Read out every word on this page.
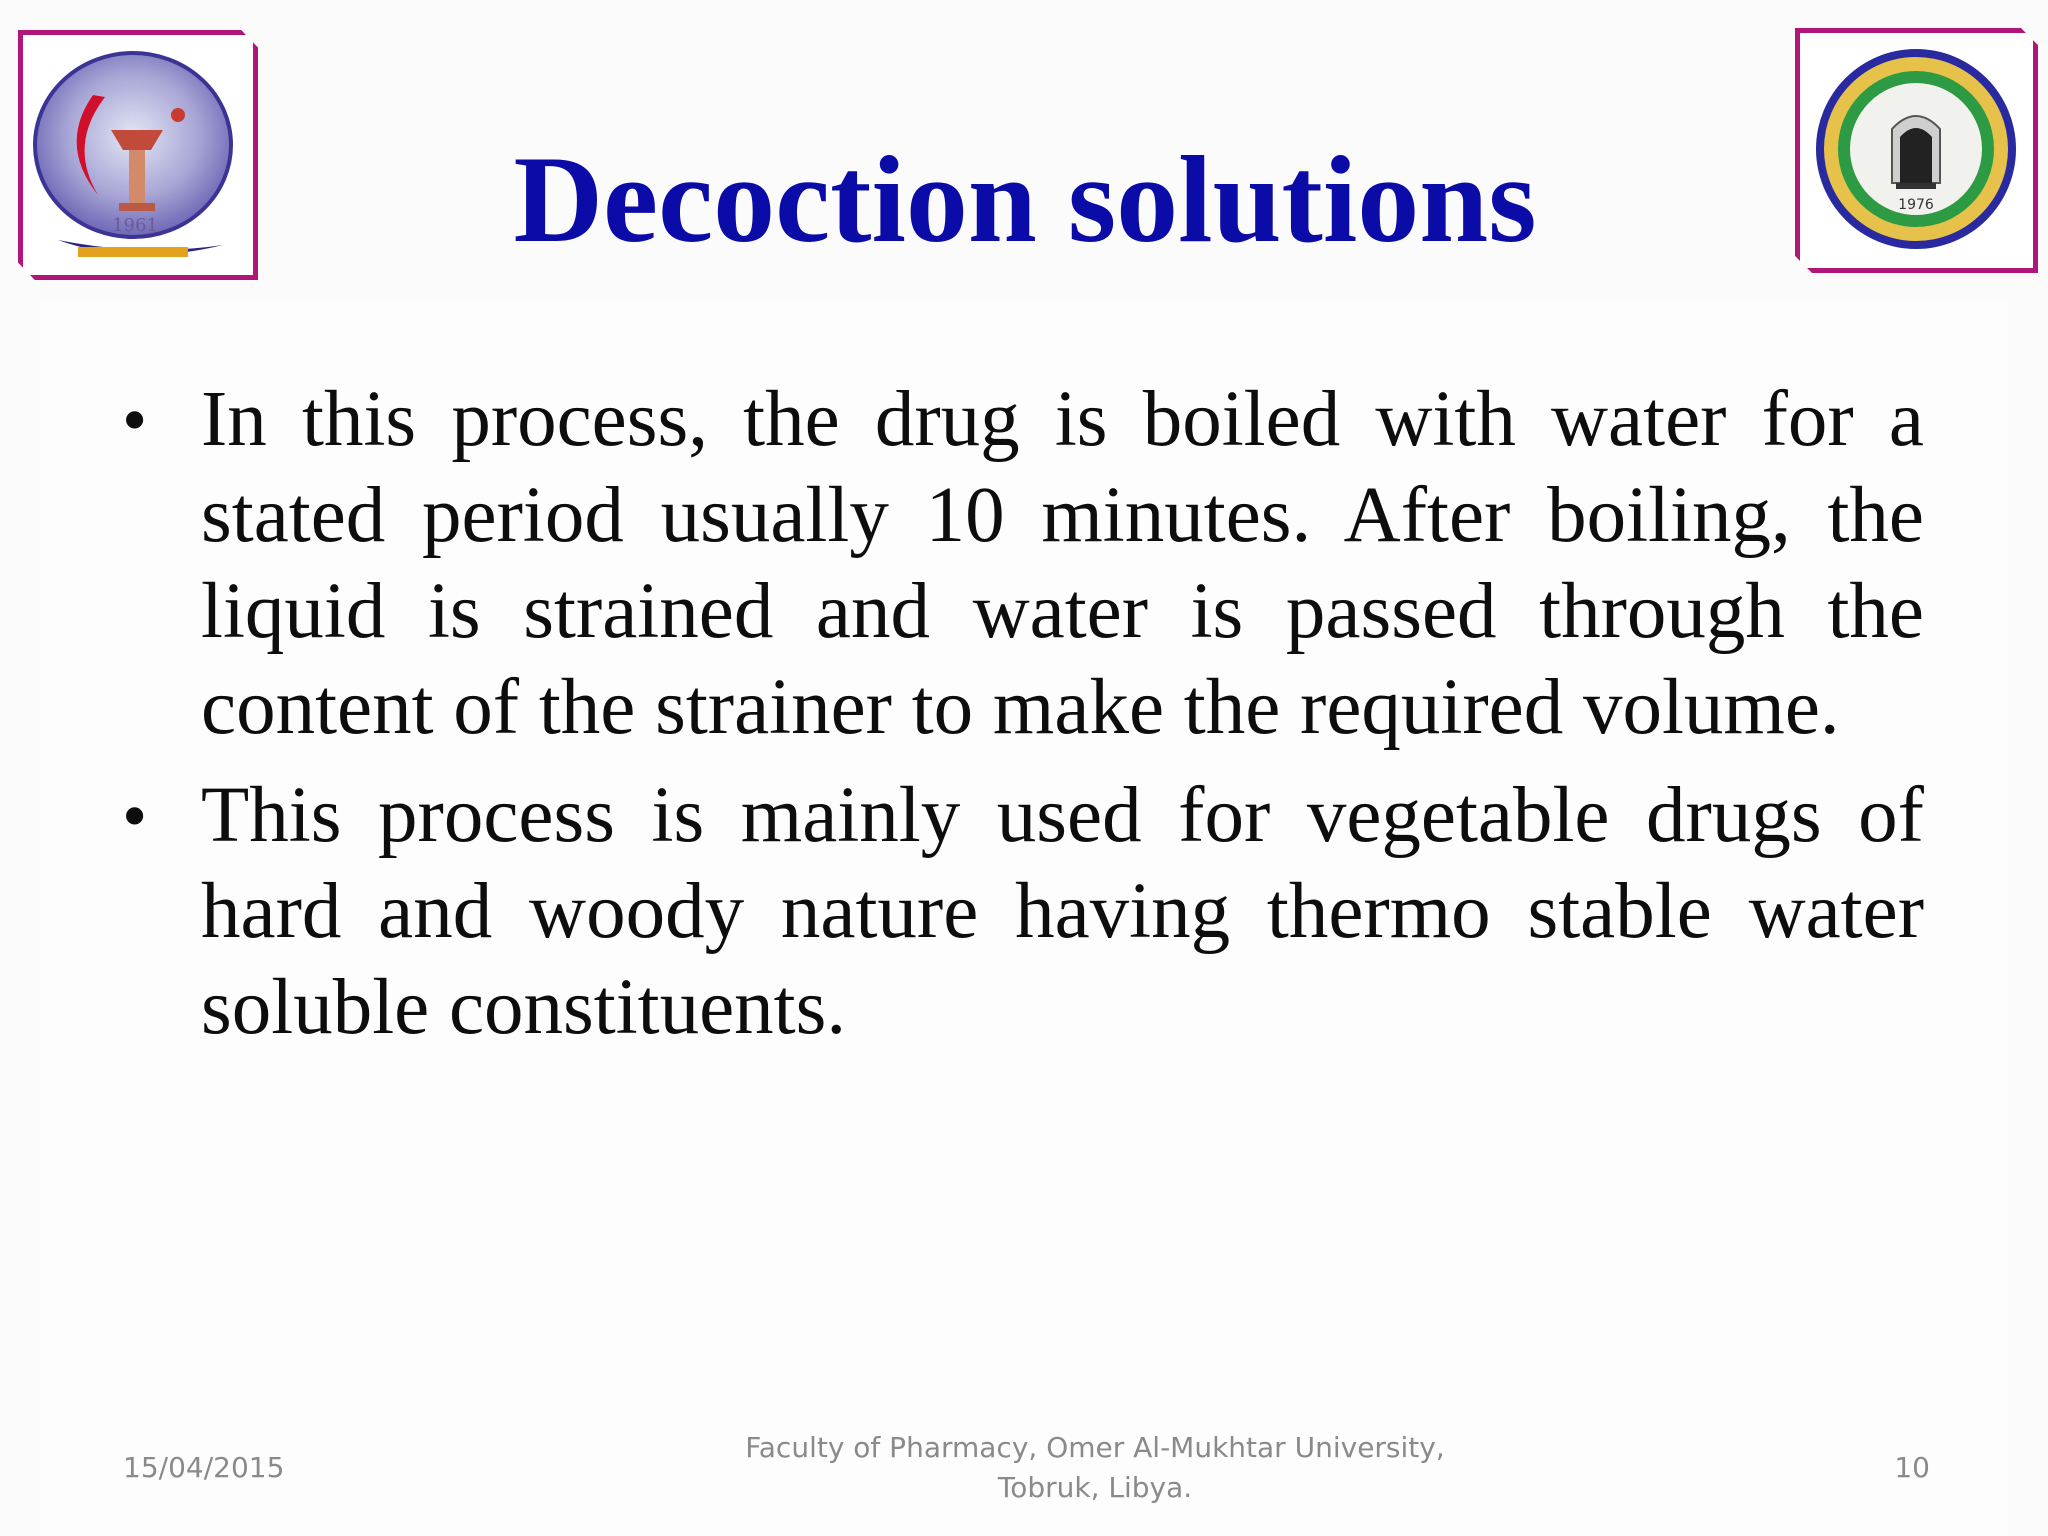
1961
1976
Decoction solutions
• In this process, the drug is boiled with water for a stated period usually 10 minutes. After boiling, the liquid is strained and water is passed through the content of the strainer to make the required volume.
• This process is mainly used for vegetable drugs of hard and woody nature having thermo stable water soluble constituents.
15/04/2015
Faculty of Pharmacy, Omer Al-Mukhtar University,
Tobruk, Libya.
10
